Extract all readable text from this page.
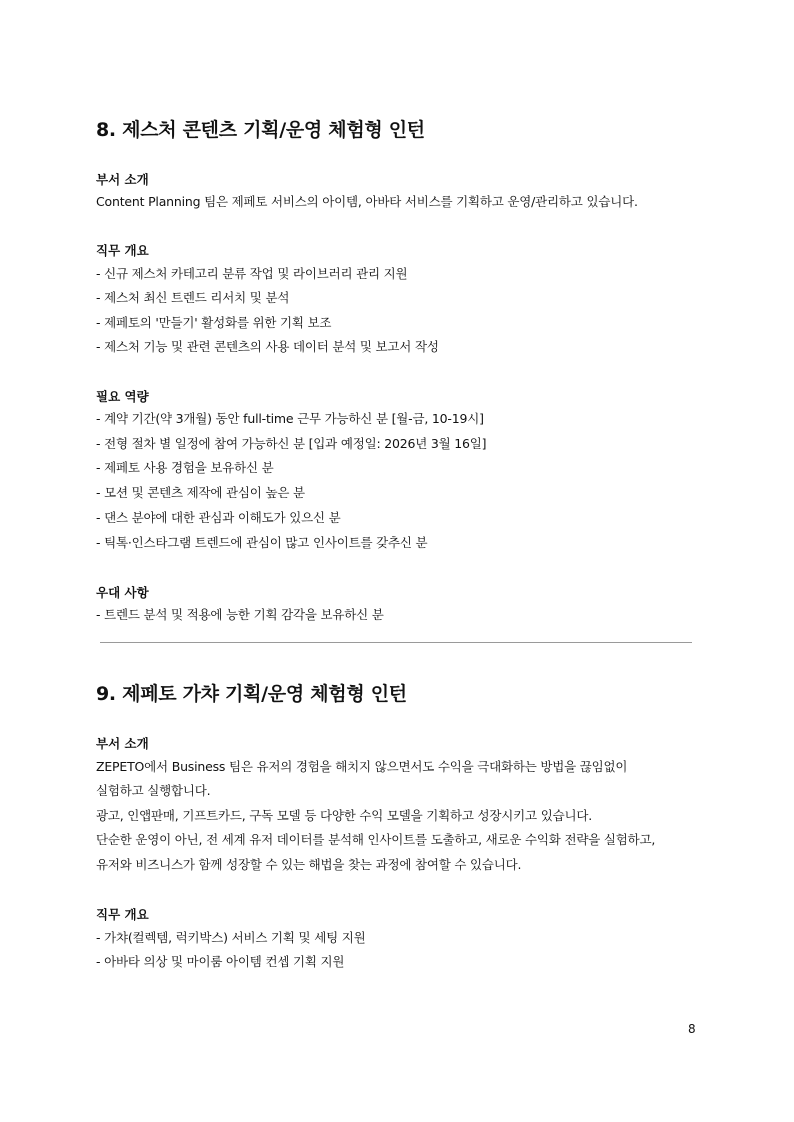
8. 제스처 콘텐츠 기획/운영 체험형 인턴
부서 소개

Content Planning 팀은 제페토 서비스의 아이템, 아바타 서비스를 기획하고 운영/관리하고 있습니다.

직무 개요

- 신규 제스처 카테고리 분류 작업 및 라이브러리 관리 지원

- 제스처 최신 트렌드 리서치 및 분석

- 제페토의 '만들기' 활성화를 위한 기획 보조

- 제스처 기능 및 관련 콘텐츠의 사용 데이터 분석 및 보고서 작성

필요 역량

- 계약 기간(약 3개월) 동안 full-time 근무 가능하신 분 [월-금, 10-19시]

- 전형 절차 별 일정에 참여 가능하신 분 [입과 예정일: 2026년 3월 16일]

- 제페토 사용 경험을 보유하신 분

- 모션 및 콘텐츠 제작에 관심이 높은 분

- 댄스 분야에 대한 관심과 이해도가 있으신 분

- 틱톡·인스타그램 트렌드에 관심이 많고 인사이트를 갖추신 분

우대 사항

- 트렌드 분석 및 적용에 능한 기획 감각을 보유하신 분

9. 제페토 가챠 기획/운영 체험형 인턴
부서 소개

ZEPETO에서 Business 팀은 유저의 경험을 해치지 않으면서도 수익을 극대화하는 방법을 끊임없이

실험하고 실행합니다.

광고, 인앱판매, 기프트카드, 구독 모델 등 다양한 수익 모델을 기획하고 성장시키고 있습니다.

단순한 운영이 아닌, 전 세계 유저 데이터를 분석해 인사이트를 도출하고, 새로운 수익화 전략을 실험하고,

유저와 비즈니스가 함께 성장할 수 있는 해법을 찾는 과정에 참여할 수 있습니다.

직무 개요

- 가챠(컬렉템, 럭키박스) 서비스 기획 및 세팅 지원

- 아바타 의상 및 마이룸 아이템 컨셉 기획 지원

8
